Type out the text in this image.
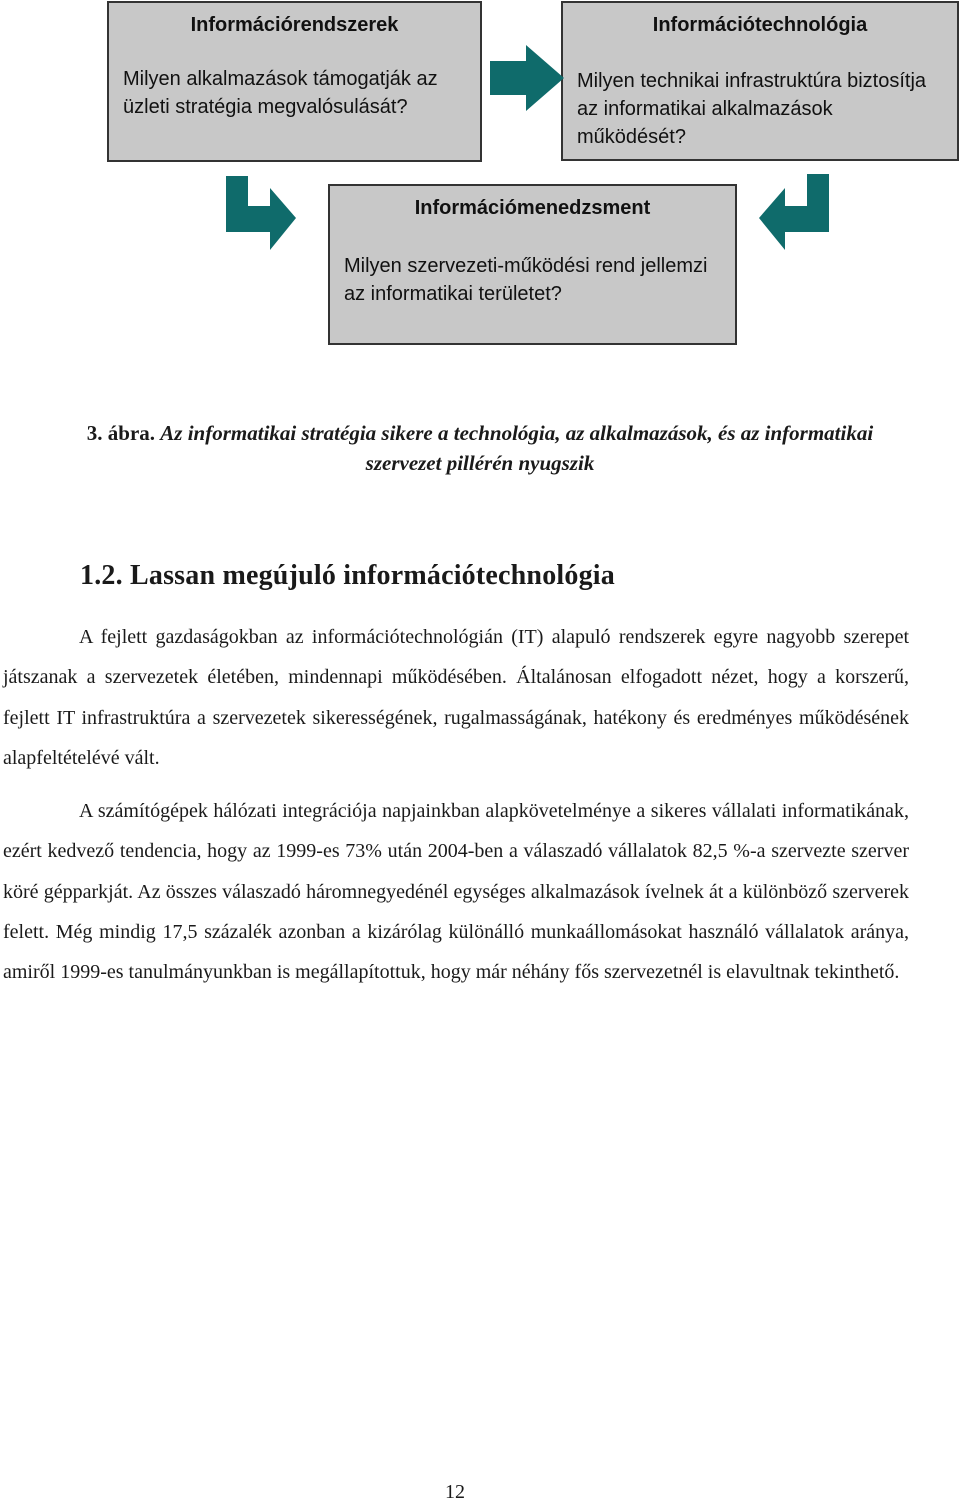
Információrendszerek
Milyen alkalmazások támogatják az üzleti stratégia megvalósulását?
Információtechnológia
Milyen technikai infrastruktúra biztosítja az informatikai alkalmazások működését?
Információmenedzsment
Milyen szervezeti-működési rend jellemzi az informatikai területet?
3. ábra. Az informatikai stratégia sikere a technológia, az alkalmazások, és az informatikai
szervezet pillérén nyugszik
1.2. Lassan megújuló információtechnológia

A fejlett gazdaságokban az információtechnológián (IT) alapuló rendszerek egyre nagyobb szerepet játszanak a szervezetek életében, mindennapi működésében. Általánosan elfogadott nézet, hogy a korszerű, fejlett IT infrastruktúra a szervezetek sikerességének, rugalmasságának, hatékony és eredményes működésének alapfeltételévé vált.

A számítógépek hálózati integrációja napjainkban alapkövetelménye a sikeres vállalati informatikának, ezért kedvező tendencia, hogy az 1999-es 73% után 2004-ben a válaszadó vállalatok 82,5 %-a szervezte szerver köré gépparkját. Az összes válaszadó háromnegyedénél egységes alkalmazások ívelnek át a különböző szerverek felett. Még mindig 17,5 százalék azonban a kizárólag különálló munkaállomásokat használó vállalatok aránya, amiről 1999-es tanulmányunkban is megállapítottuk, hogy már néhány fős szervezetnél is elavultnak tekinthető.

12
